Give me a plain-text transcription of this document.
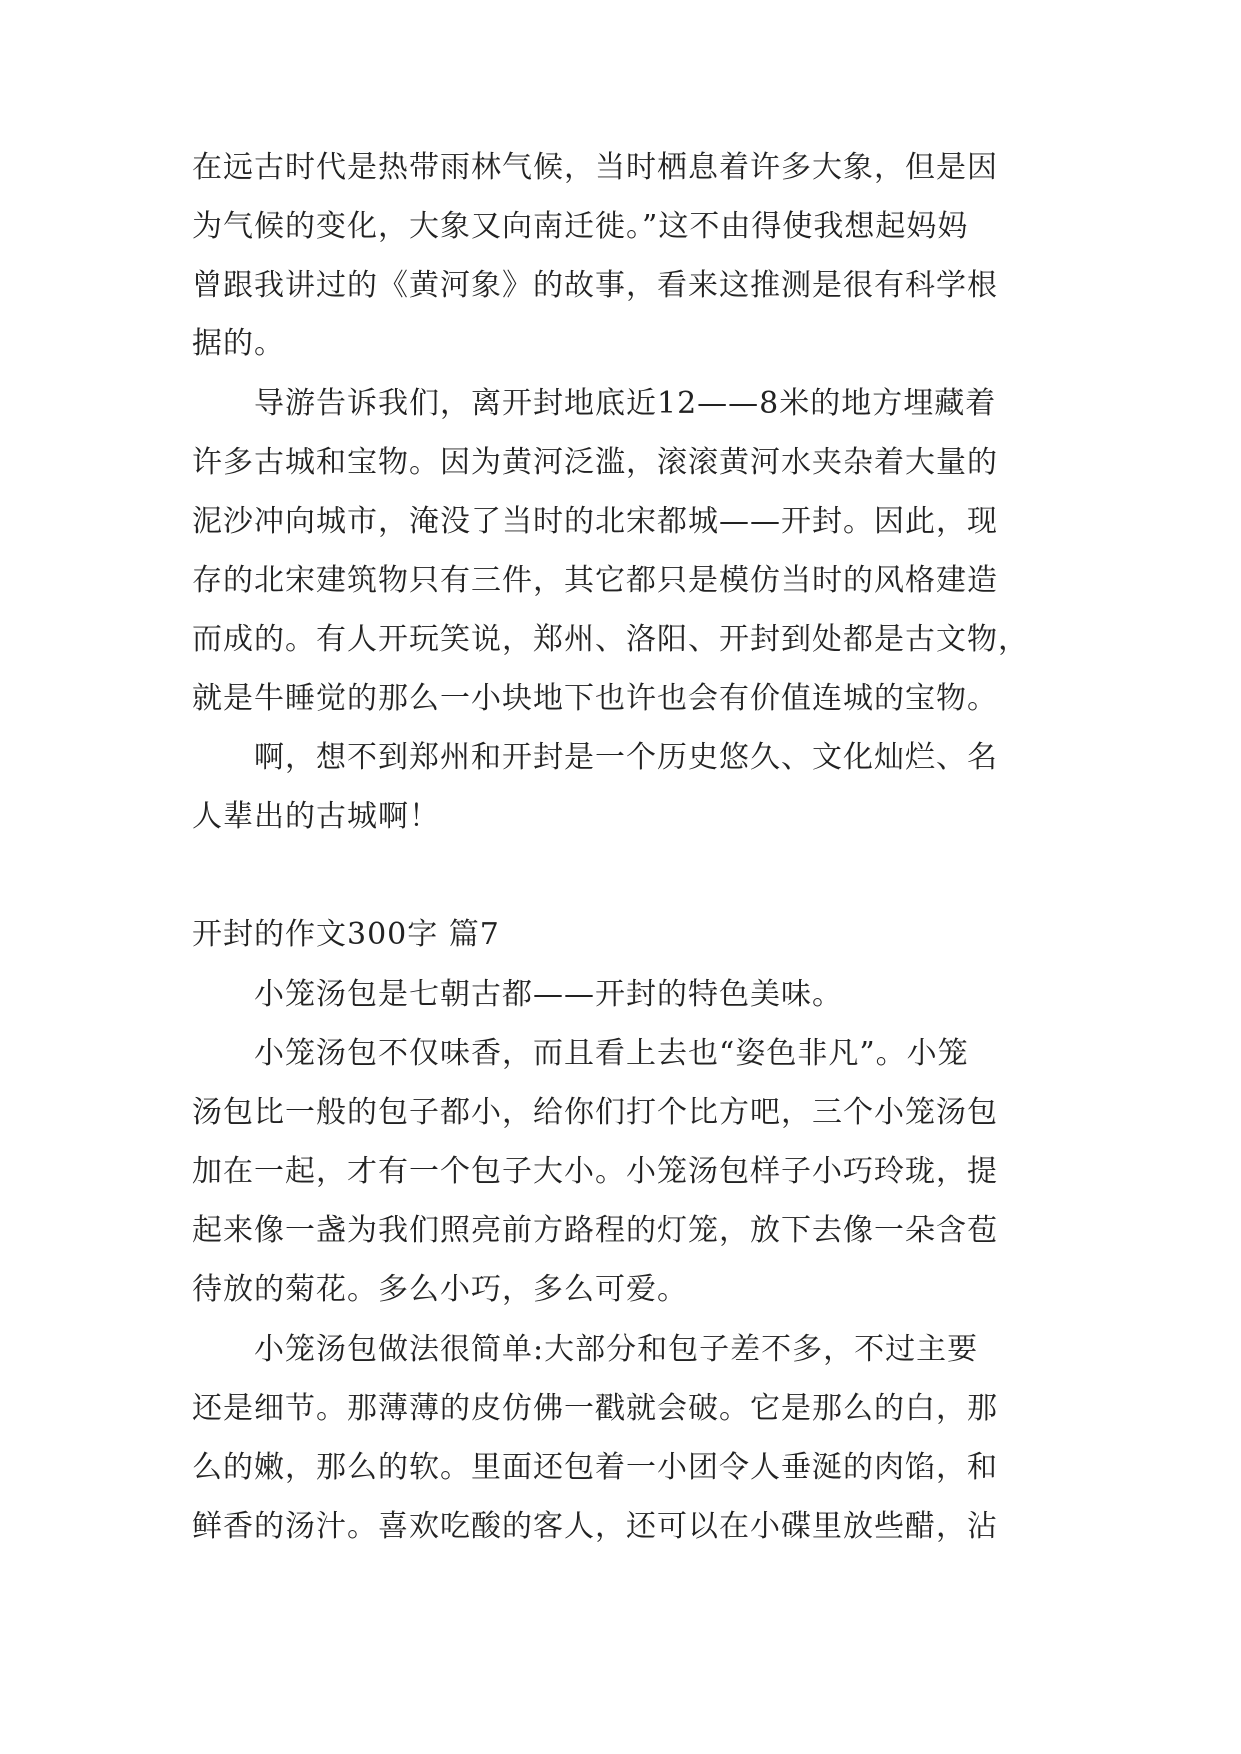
在远古时代是热带雨林气候，当时栖息着许多大象，但是因
为气候的变化，大象又向南迁徙。”这不由得使我想起妈妈
曾跟我讲过的《黄河象》的故事，看来这推测是很有科学根
据的。
导游告诉我们，离开封地底近12——8米的地方埋藏着
许多古城和宝物。因为黄河泛滥，滚滚黄河水夹杂着大量的
泥沙冲向城市，淹没了当时的北宋都城——开封。因此，现
存的北宋建筑物只有三件，其它都只是模仿当时的风格建造
而成的。有人开玩笑说，郑州、洛阳、开封到处都是古文物，
就是牛睡觉的那么一小块地下也许也会有价值连城的宝物。
啊，想不到郑州和开封是一个历史悠久、文化灿烂、名
人辈出的古城啊！
开封的作文300字 篇7
小笼汤包是七朝古都——开封的特色美味。
小笼汤包不仅味香，而且看上去也“姿色非凡”。小笼
汤包比一般的包子都小，给你们打个比方吧，三个小笼汤包
加在一起，才有一个包子大小。小笼汤包样子小巧玲珑，提
起来像一盏为我们照亮前方路程的灯笼，放下去像一朵含苞
待放的菊花。多么小巧，多么可爱。
小笼汤包做法很简单:大部分和包子差不多，不过主要
还是细节。那薄薄的皮仿佛一戳就会破。它是那么的白，那
么的嫩，那么的软。里面还包着一小团令人垂涎的肉馅，和
鲜香的汤汁。喜欢吃酸的客人，还可以在小碟里放些醋，沾
